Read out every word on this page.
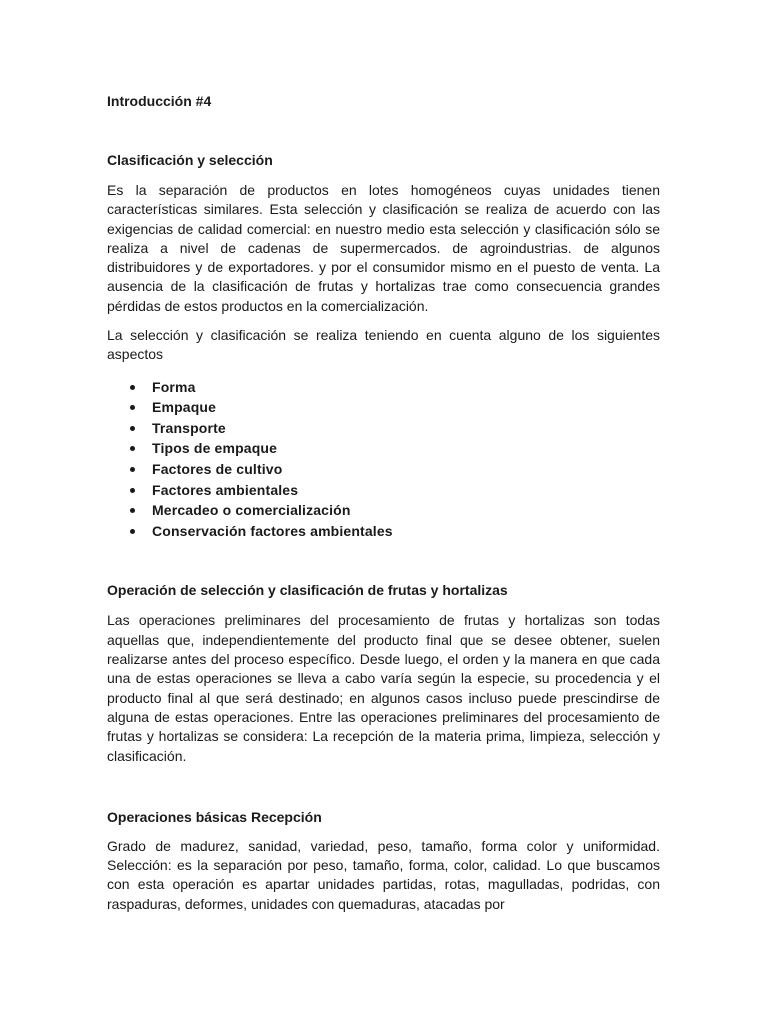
Introducción #4
Clasificación y selección

Es la separación de productos en lotes homogéneos cuyas unidades tienen características similares. Esta selección y clasificación se realiza de acuerdo con las exigencias de calidad comercial: en nuestro medio esta selección y clasificación sólo se realiza a nivel de cadenas de supermercados. de agroindustrias. de algunos distribuidores y de exportadores. y por el consumidor mismo en el puesto de venta. La ausencia de la clasificación de frutas y hortalizas trae como consecuencia grandes pérdidas de estos productos en la comercialización.

La selección y clasificación se realiza teniendo en cuenta alguno de los siguientes aspectos

Forma
Empaque
Transporte
Tipos de empaque
Factores de cultivo
Factores ambientales
Mercadeo o comercialización
Conservación factores ambientales
Operación de selección y clasificación de frutas y hortalizas

Las operaciones preliminares del procesamiento de frutas y hortalizas son todas aquellas que, independientemente del producto final que se desee obtener, suelen realizarse antes del proceso específico. Desde luego, el orden y la manera en que cada una de estas operaciones se lleva a cabo varía según la especie, su procedencia y el producto final al que será destinado; en algunos casos incluso puede prescindirse de alguna de estas operaciones. Entre las operaciones preliminares del procesamiento de frutas y hortalizas se considera: La recepción de la materia prima, limpieza, selección y clasificación.

Operaciones básicas Recepción

Grado de madurez, sanidad, variedad, peso, tamaño, forma color y uniformidad. Selección: es la separación por peso, tamaño, forma, color, calidad. Lo que buscamos con esta operación es apartar unidades partidas, rotas, magulladas, podridas, con raspaduras, deformes, unidades con quemaduras, atacadas por
